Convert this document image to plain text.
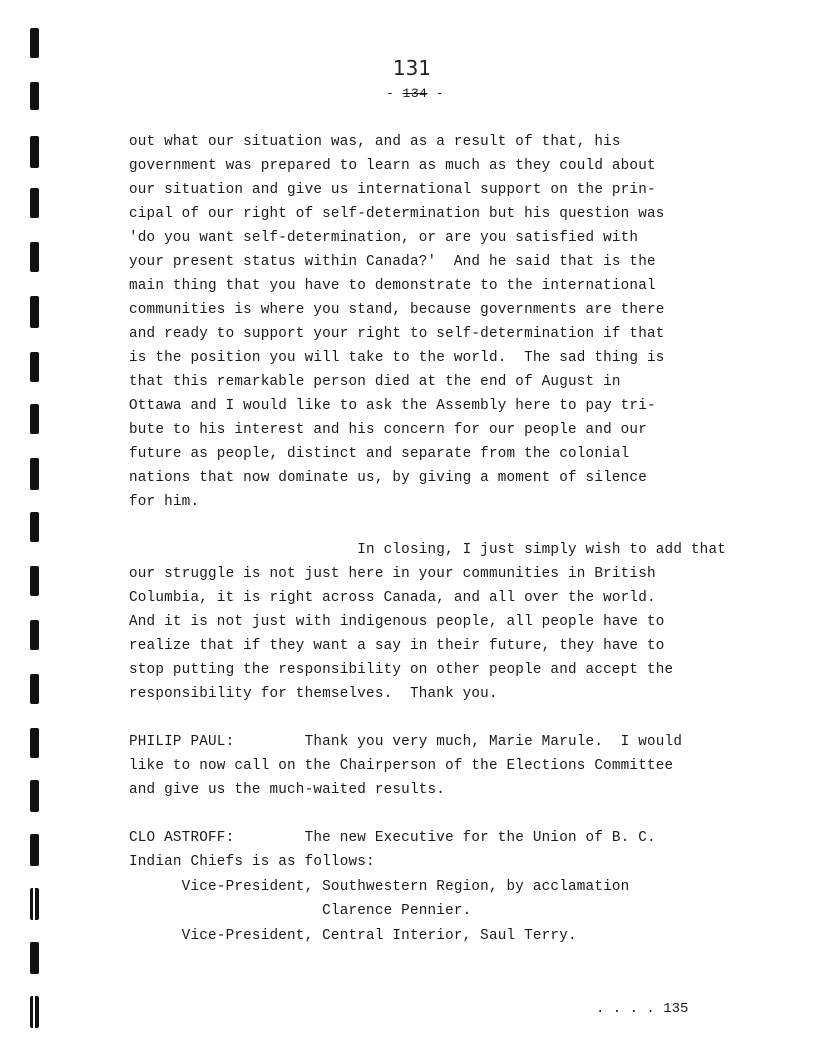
131
- 134 -
out what our situation was, and as a result of that, his
government was prepared to learn as much as they could about
our situation and give us international support on the prin-
cipal of our right of self-determination but his question was
'do you want self-determination, or are you satisfied with
your present status within Canada?'  And he said that is the
main thing that you have to demonstrate to the international
communities is where you stand, because governments are there
and ready to support your right to self-determination if that
is the position you will take to the world.  The sad thing is
that this remarkable person died at the end of August in
Ottawa and I would like to ask the Assembly here to pay tri-
bute to his interest and his concern for our people and our
future as people, distinct and separate from the colonial
nations that now dominate us, by giving a moment of silence
for him.
In closing, I just simply wish to add that
our struggle is not just here in your communities in British
Columbia, it is right across Canada, and all over the world.
And it is not just with indigenous people, all people have to
realize that if they want a say in their future, they have to
stop putting the responsibility on other people and accept the
responsibility for themselves.  Thank you.
PHILIP PAUL:        Thank you very much, Marie Marule.  I would
like to now call on the Chairperson of the Elections Committee
and give us the much-waited results.
CLO ASTROFF:        The new Executive for the Union of B. C.
Indian Chiefs is as follows:
Vice-President, Southwestern Region, by acclamation
Clarence Pennier.
Vice-President, Central Interior, Saul Terry.
. . . . 135
